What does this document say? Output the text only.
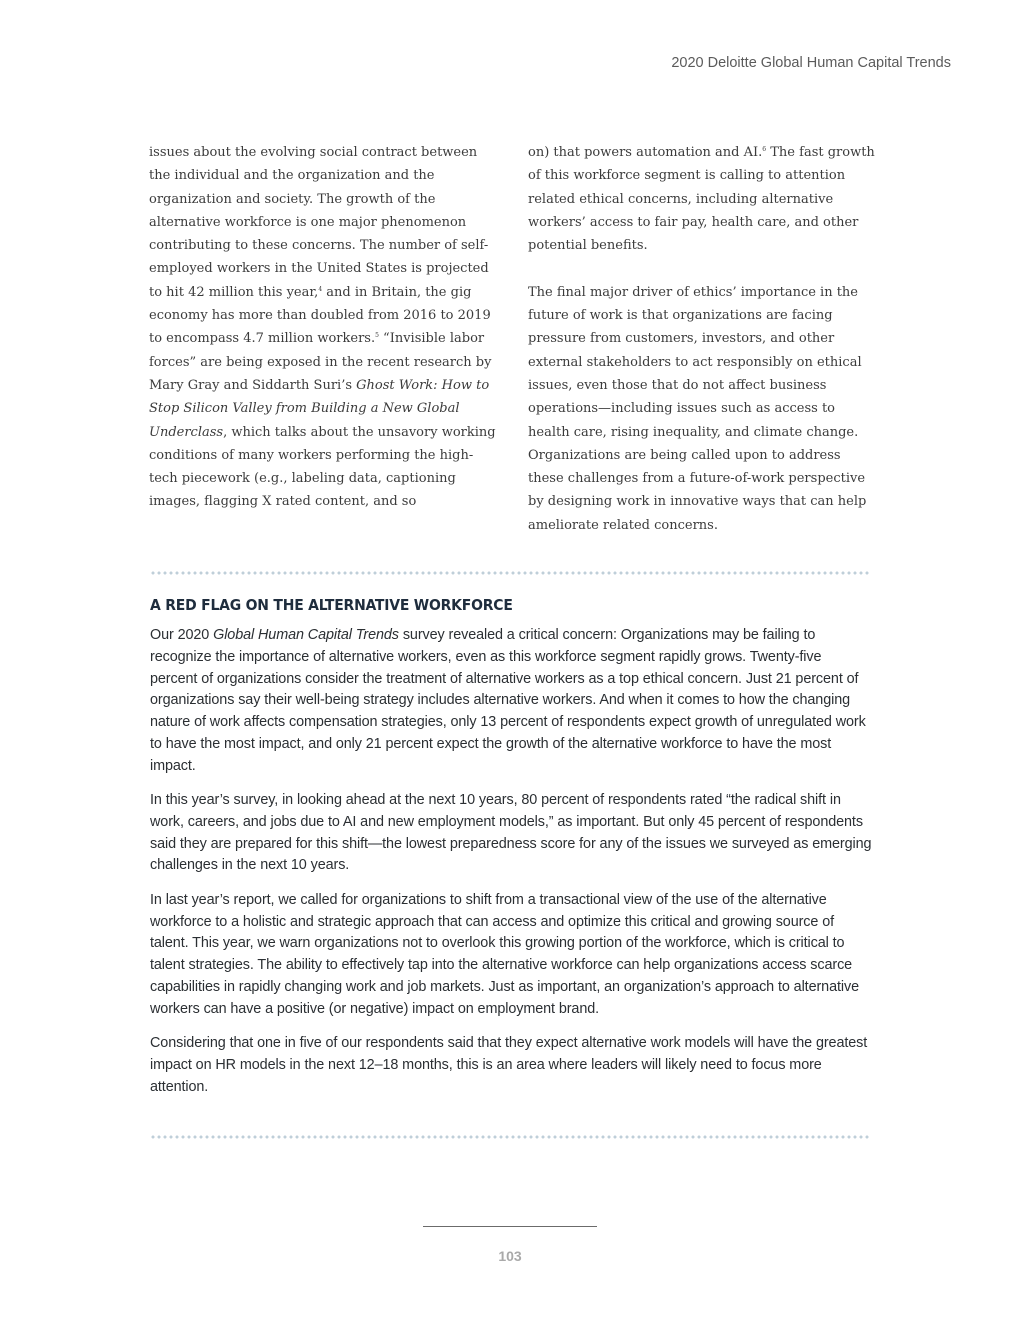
2020 Deloitte Global Human Capital Trends

issues about the evolving social contract between the individual and the organization and the organization and society. The growth of the alternative workforce is one major phenomenon contributing to these concerns. The number of self-employed workers in the United States is projected to hit 42 million this year,$^4$ and in Britain, the gig economy has more than doubled from 2016 to 2019 to encompass 4.7 million workers.$^5$ “Invisible labor forces” are being exposed in the recent research by Mary Gray and Siddarth Suri’s Ghost Work: How to Stop Silicon Valley from Building a New Global Underclass, which talks about the unsavory working conditions of many workers performing the high-tech piecework (e.g., labeling data, captioning images, flagging X rated content, and so

on) that powers automation and AI.$^6$ The fast growth of this workforce segment is calling to attention related ethical concerns, including alternative workers’ access to fair pay, health care, and other potential benefits.

The final major driver of ethics’ importance in the future of work is that organizations are facing pressure from customers, investors, and other external stakeholders to act responsibly on ethical issues, even those that do not affect business operations—including issues such as access to health care, rising inequality, and climate change. Organizations are being called upon to address these challenges from a future-of-work perspective by designing work in innovative ways that can help ameliorate related concerns.

A RED FLAG ON THE ALTERNATIVE WORKFORCE

Our 2020 Global Human Capital Trends survey revealed a critical concern: Organizations may be failing to recognize the importance of alternative workers, even as this workforce segment rapidly grows. Twenty-five percent of organizations consider the treatment of alternative workers as a top ethical concern. Just 21 percent of organizations say their well-being strategy includes alternative workers. And when it comes to how the changing nature of work affects compensation strategies, only 13 percent of respondents expect growth of unregulated work to have the most impact, and only 21 percent expect the growth of the alternative workforce to have the most impact.

In this year’s survey, in looking ahead at the next 10 years, 80 percent of respondents rated “the radical shift in work, careers, and jobs due to AI and new employment models,” as important. But only 45 percent of respondents said they are prepared for this shift—the lowest preparedness score for any of the issues we surveyed as emerging challenges in the next 10 years.

In last year’s report, we called for organizations to shift from a transactional view of the use of the alternative workforce to a holistic and strategic approach that can access and optimize this critical and growing source of talent. This year, we warn organizations not to overlook this growing portion of the workforce, which is critical to talent strategies. The ability to effectively tap into the alternative workforce can help organizations access scarce capabilities in rapidly changing work and job markets. Just as important, an organization’s approach to alternative workers can have a positive (or negative) impact on employment brand.

Considering that one in five of our respondents said that they expect alternative work models will have the greatest impact on HR models in the next 12–18 months, this is an area where leaders will likely need to focus more attention.

103
